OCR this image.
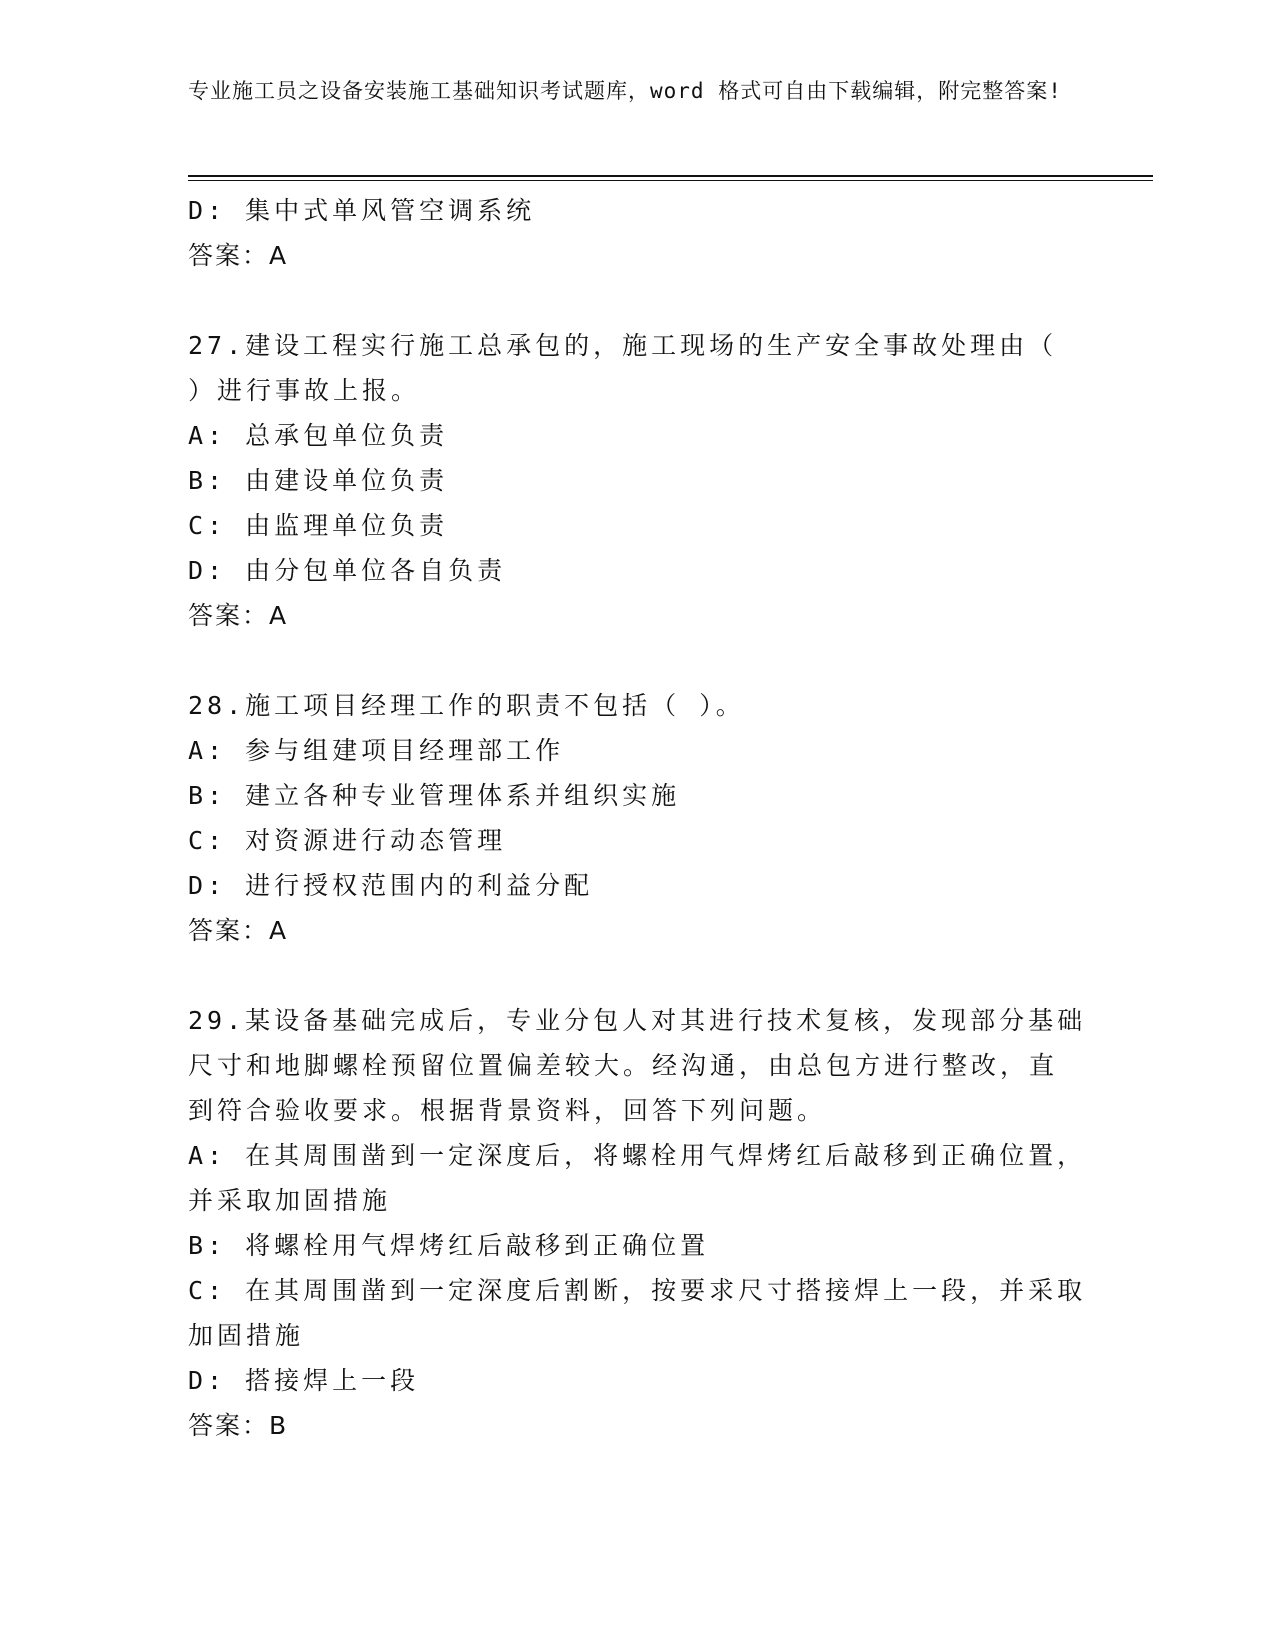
专业施工员之设备安装施工基础知识考试题库，word 格式可自由下载编辑，附完整答案!
D: 集中式单风管空调系统
答案：A
27.建设工程实行施工总承包的，施工现场的生产安全事故处理由（
）进行事故上报。
A: 总承包单位负责
B: 由建设单位负责
C: 由监理单位负责
D: 由分包单位各自负责
答案：A
28.施工项目经理工作的职责不包括（ ）。
A: 参与组建项目经理部工作
B: 建立各种专业管理体系并组织实施
C: 对资源进行动态管理
D: 进行授权范围内的利益分配
答案：A
29.某设备基础完成后，专业分包人对其进行技术复核，发现部分基础
尺寸和地脚螺栓预留位置偏差较大。经沟通，由总包方进行整改，直
到符合验收要求。根据背景资料，回答下列问题。
A: 在其周围凿到一定深度后，将螺栓用气焊烤红后敲移到正确位置，
并采取加固措施
B: 将螺栓用气焊烤红后敲移到正确位置
C: 在其周围凿到一定深度后割断，按要求尺寸搭接焊上一段，并采取
加固措施
D: 搭接焊上一段
答案：B
